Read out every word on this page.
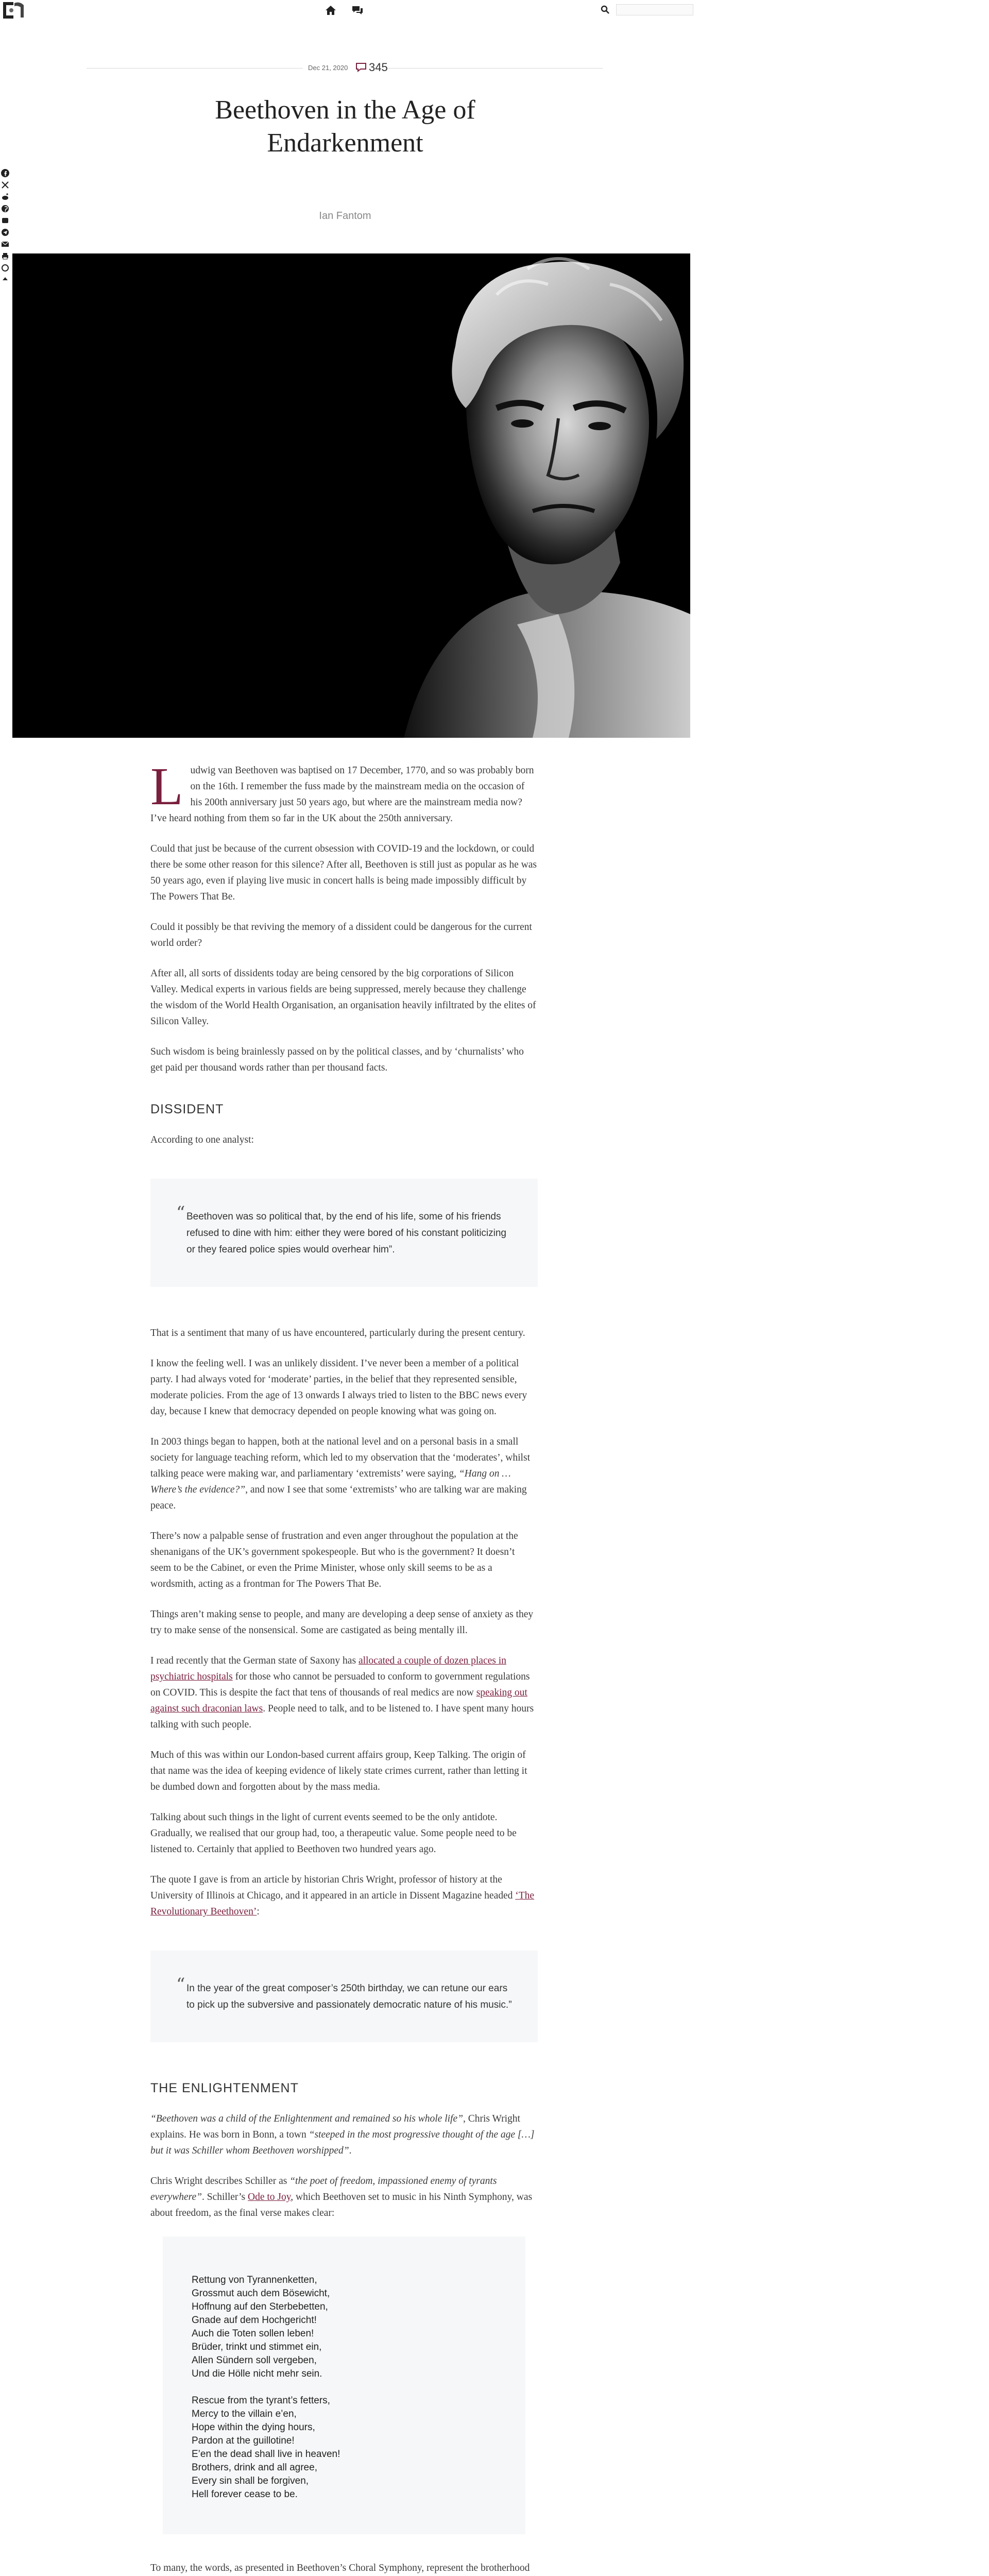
Dec 21, 2020 345
Beethoven in the Age of Endarkenment
Ian Fantom

Ludwig van Beethoven was baptised on 17 December, 1770, and so was probably born on the 16th. I remember the fuss made by the mainstream media on the occasion of his 200th anniversary just 50 years ago, but where are the mainstream media now? I’ve heard nothing from them so far in the UK about the 250th anniversary.

Could that just be because of the current obsession with COVID-19 and the lockdown, or could there be some other reason for this silence? After all, Beethoven is still just as popular as he was 50 years ago, even if playing live music in concert halls is being made impossibly difficult by The Powers That Be.

Could it possibly be that reviving the memory of a dissident could be dangerous for the current world order?

After all, all sorts of dissidents today are being censored by the big corporations of Silicon Valley. Medical experts in various fields are being suppressed, merely because they challenge the wisdom of the World Health Organisation, an organisation heavily infiltrated by the elites of Silicon Valley.

Such wisdom is being brainlessly passed on by the political classes, and by ‘churnalists’ who get paid per thousand words rather than per thousand facts.

DISSIDENT

According to one analyst:

“ Beethoven was so political that, by the end of his life, some of his friends refused to dine with him: either they were bored of his constant politicizing or they feared police spies would overhear him”.

That is a sentiment that many of us have encountered, particularly during the present century.

I know the feeling well. I was an unlikely dissident. I’ve never been a member of a political party. I had always voted for ‘moderate’ parties, in the belief that they represented sensible, moderate policies. From the age of 13 onwards I always tried to listen to the BBC news every day, because I knew that democracy depended on people knowing what was going on.

In 2003 things began to happen, both at the national level and on a personal basis in a small society for language teaching reform, which led to my observation that the ‘moderates’, whilst talking peace were making war, and parliamentary ‘extremists’ were saying, “Hang on … Where’s the evidence?”, and now I see that some ‘extremists’ who are talking war are making peace.

There’s now a palpable sense of frustration and even anger throughout the population at the shenanigans of the UK’s government spokespeople. But who is the government? It doesn’t seem to be the Cabinet, or even the Prime Minister, whose only skill seems to be as a wordsmith, acting as a frontman for The Powers That Be.

Things aren’t making sense to people, and many are developing a deep sense of anxiety as they try to make sense of the nonsensical. Some are castigated as being mentally ill.

I read recently that the German state of Saxony has allocated a couple of dozen places in psychiatric hospitals for those who cannot be persuaded to conform to government regulations on COVID. This is despite the fact that tens of thousands of real medics are now speaking out against such draconian laws. People need to talk, and to be listened to. I have spent many hours talking with such people.

Much of this was within our London-based current affairs group, Keep Talking. The origin of that name was the idea of keeping evidence of likely state crimes current, rather than letting it be dumbed down and forgotten about by the mass media.

Talking about such things in the light of current events seemed to be the only antidote. Gradually, we realised that our group had, too, a therapeutic value. Some people need to be listened to. Certainly that applied to Beethoven two hundred years ago.

The quote I gave is from an article by historian Chris Wright, professor of history at the University of Illinois at Chicago, and it appeared in an article in Dissent Magazine headed ‘The Revolutionary Beethoven’:

“ In the year of the great composer’s 250th birthday, we can retune our ears to pick up the subversive and passionately democratic nature of his music.”
THE ENLIGHTENMENT

“Beethoven was a child of the Enlightenment and remained so his whole life”, Chris Wright explains. He was born in Bonn, a town “steeped in the most progressive thought of the age […] but it was Schiller whom Beethoven worshipped”.

Chris Wright describes Schiller as “the poet of freedom, impassioned enemy of tyrants everywhere”. Schiller’s Ode to Joy, which Beethoven set to music in his Ninth Symphony, was about freedom, as the final verse makes clear:

Rettung von Tyrannenketten,
Grossmut auch dem Bösewicht,
Hoffnung auf den Sterbebetten,
Gnade auf dem Hochgericht!
Auch die Toten sollen leben!
Brüder, trinkt und stimmet ein,
Allen Sündern soll vergeben,
Und die Hölle nicht mehr sein.
Rescue from the tyrant’s fetters,
Mercy to the villain e’en,
Hope within the dying hours,
Pardon at the guillotine!
E’en the dead shall live in heaven!
Brothers, drink and all agree,
Every sin shall be forgiven,
Hell forever cease to be.

To many, the words, as presented in Beethoven’s Choral Symphony, represent the brotherhood
